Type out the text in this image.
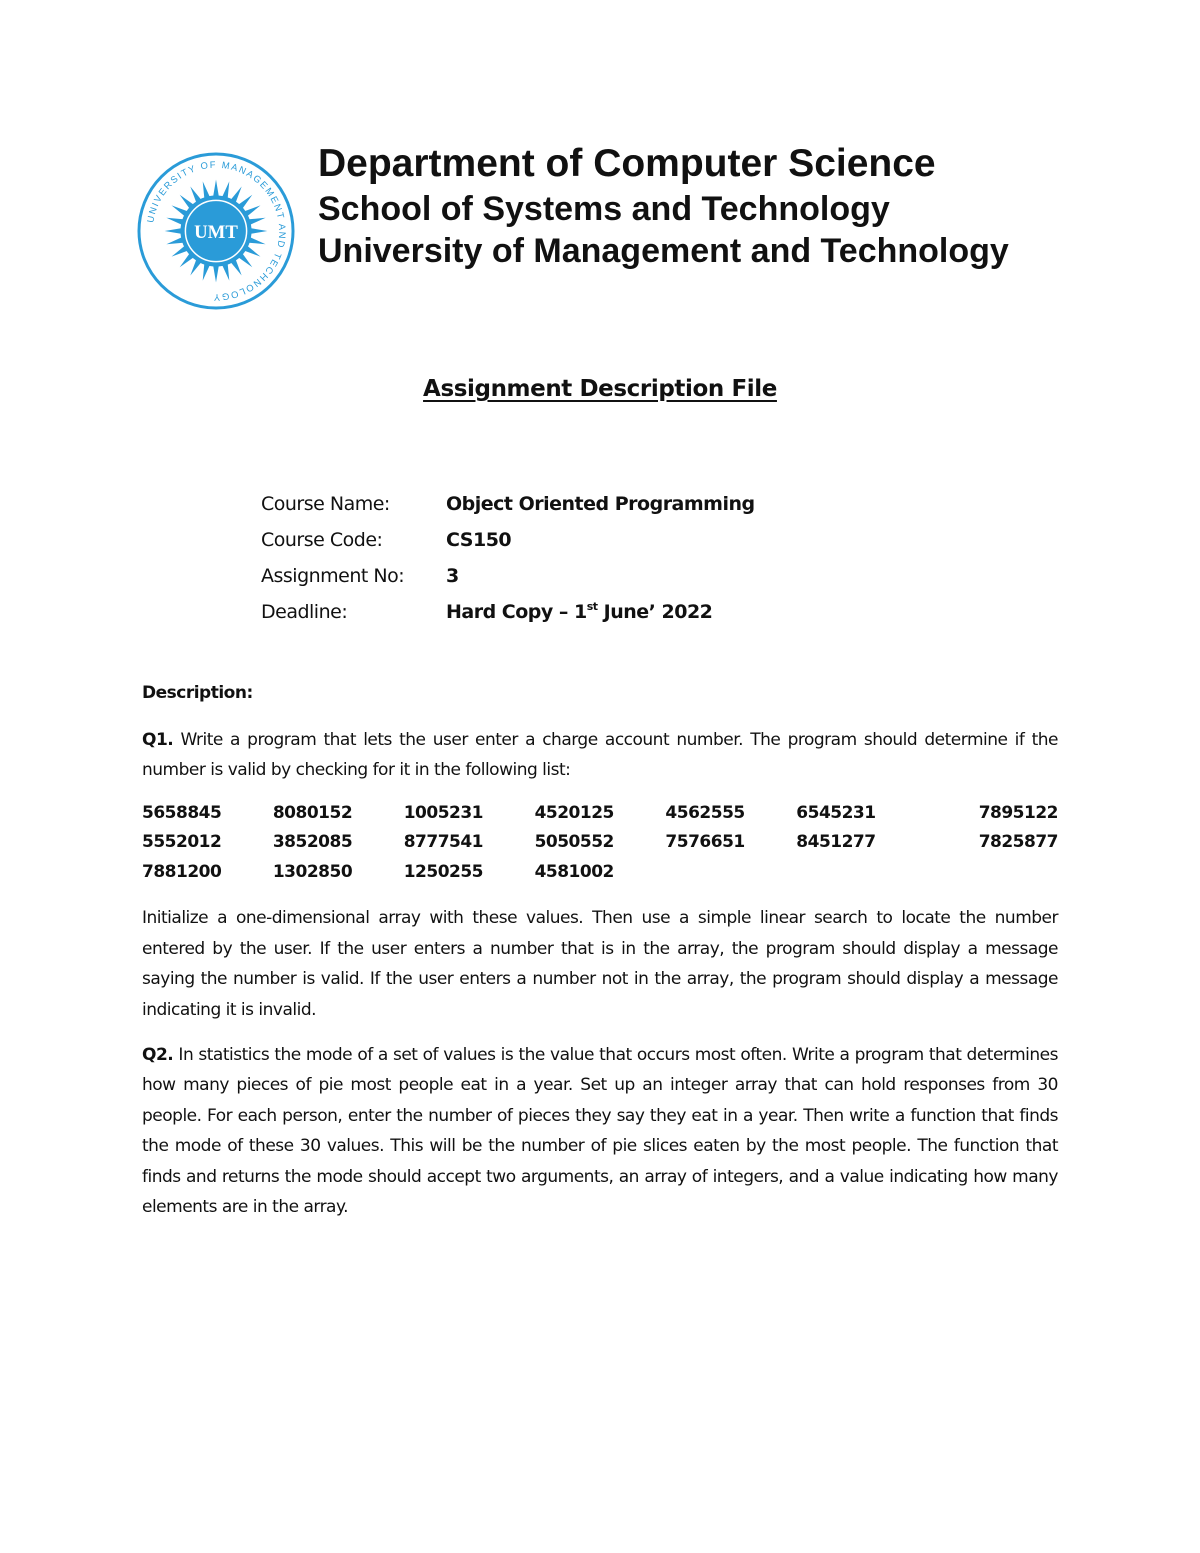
UMT
UNIVERSITY OF MANAGEMENT AND TECHNOLOGY
Department of Computer Science
School of Systems and Technology
University of Management and Technology
Assignment Description File
Course Name:	Object Oriented Programming
Course Code:	CS150
Assignment No:	3
Deadline:	Hard Copy – 1st June’ 2022

Description:

Q1. Write a program that lets the user enter a charge account number. The program should determine if the number is valid by checking for it in the following list:

5658845	8080152	1005231	4520125	4562555	6545231	7895122
5552012	3852085	8777541	5050552	7576651	8451277	7825877
7881200	1302850	1250255	4581002

Initialize a one-dimensional array with these values. Then use a simple linear search to locate the number entered by the user. If the user enters a number that is in the array, the program should display a message saying the number is valid. If the user enters a number not in the array, the program should display a message indicating it is invalid.

Q2. In statistics the mode of a set of values is the value that occurs most often. Write a program that determines how many pieces of pie most people eat in a year. Set up an integer array that can hold responses from 30 people. For each person, enter the number of pieces they say they eat in a year. Then write a function that finds the mode of these 30 values. This will be the number of pie slices eaten by the most people. The function that finds and returns the mode should accept two arguments, an array of integers, and a value indicating how many elements are in the array.
